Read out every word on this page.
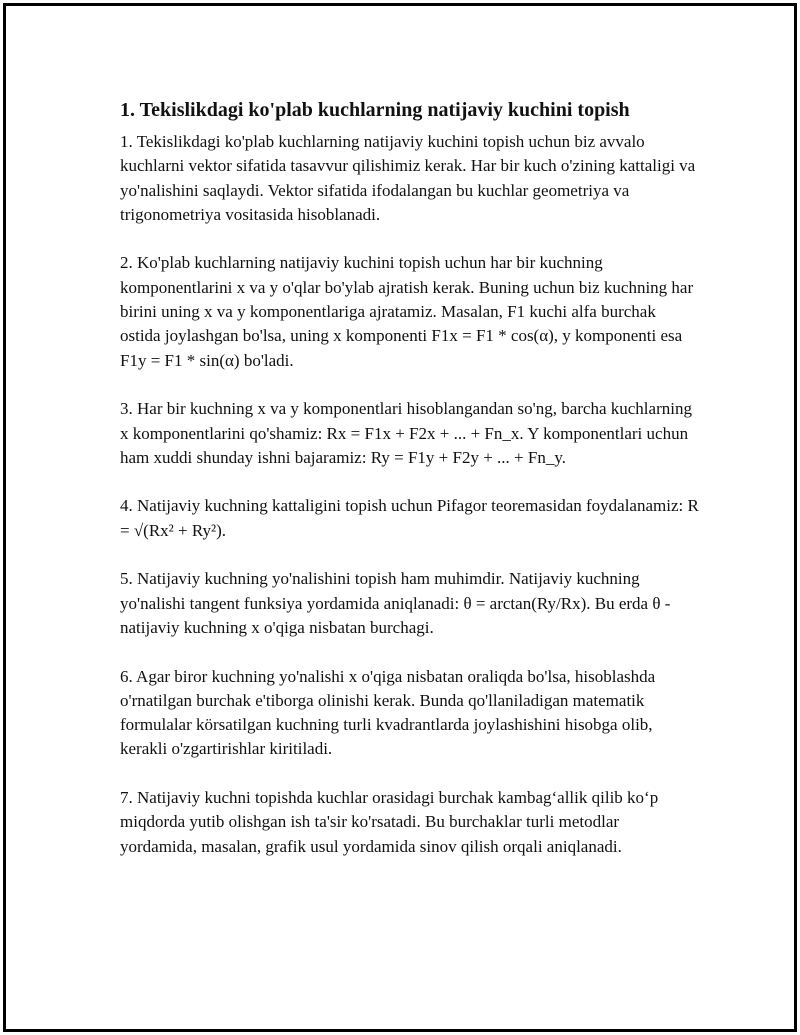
1. Tekislikdagi ko'plab kuchlarning natijaviy kuchini topish

1. Tekislikdagi ko'plab kuchlarning natijaviy kuchini topish uchun biz avvalo kuchlarni vektor sifatida tasavvur qilishimiz kerak. Har bir kuch o'zining kattaligi va yo'nalishini saqlaydi. Vektor sifatida ifodalangan bu kuchlar geometriya va trigonometriya vositasida hisoblanadi.

2. Ko'plab kuchlarning natijaviy kuchini topish uchun har bir kuchning komponentlarini x va y o'qlar bo'ylab ajratish kerak. Buning uchun biz kuchning har birini uning x va y komponentlariga ajratamiz. Masalan, F1 kuchi alfa burchak ostida joylashgan bo'lsa, uning x komponenti F1x = F1 * cos(α), y komponenti esa F1y = F1 * sin(α) bo'ladi.

3. Har bir kuchning x va y komponentlari hisoblangandan so'ng, barcha kuchlarning x komponentlarini qo'shamiz: Rx = F1x + F2x + ... + Fn_x. Y komponentlari uchun ham xuddi shunday ishni bajaramiz: Ry = F1y + F2y + ... + Fn_y.

4. Natijaviy kuchning kattaligini topish uchun Pifagor teoremasidan foydalanamiz: R = √(Rx² + Ry²).

5. Natijaviy kuchning yo'nalishini topish ham muhimdir. Natijaviy kuchning yo'nalishi tangent funksiya yordamida aniqlanadi: θ = arctan(Ry/Rx). Bu erda θ - natijaviy kuchning x o'qiga nisbatan burchagi.

6. Agar biror kuchning yo'nalishi x o'qiga nisbatan oraliqda bo'lsa, hisoblashda o'rnatilgan burchak e'tiborga olinishi kerak. Bunda qo'llaniladigan matematik formulalar körsatilgan kuchning turli kvadrantlarda joylashishini hisobga olib, kerakli o'zgartirishlar kiritiladi.

7. Natijaviy kuchni topishda kuchlar orasidagi burchak kambag‘allik qilib ko‘p miqdorda yutib olishgan ish ta'sir ko'rsatadi. Bu burchaklar turli metodlar yordamida, masalan, grafik usul yordamida sinov qilish orqali aniqlanadi.
